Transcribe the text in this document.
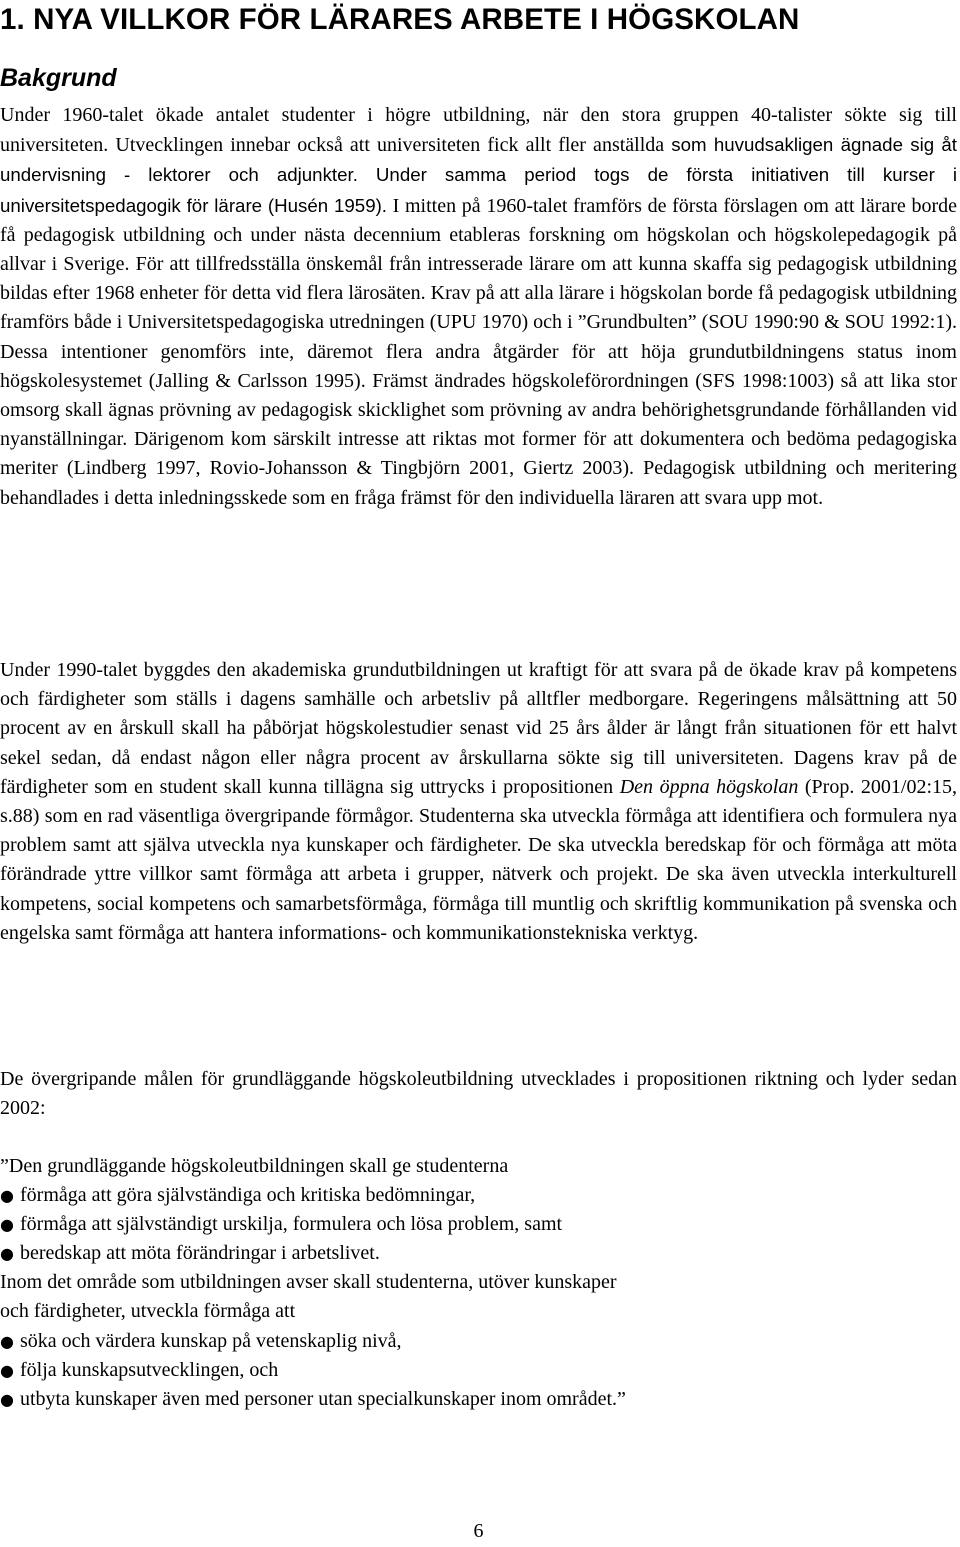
1. NYA VILLKOR FÖR LÄRARES ARBETE I HÖGSKOLAN
Bakgrund

Under 1960-talet ökade antalet studenter i högre utbildning, när den stora gruppen 40-talister sökte sig till universiteten. Utvecklingen innebar också att universiteten fick allt fler anställda som huvudsakligen ägnade sig åt undervisning - lektorer och adjunkter. Under samma period togs de första initiativen till kurser i universitetspedagogik för lärare (Husén 1959). I mitten på 1960-talet framförs de första förslagen om att lärare borde få pedagogisk utbildning och under nästa decennium etableras forskning om högskolan och högskolepedagogik på allvar i Sverige. För att tillfredsställa önskemål från intresserade lärare om att kunna skaffa sig pedagogisk utbildning bildas efter 1968 enheter för detta vid flera lärosäten. Krav på att alla lärare i högskolan borde få pedagogisk utbildning framförs både i Universitetspedagogiska utredningen (UPU 1970) och i ”Grundbulten” (SOU 1990:90 & SOU 1992:1). Dessa intentioner genomförs inte, däremot flera andra åtgärder för att höja grundutbildningens status inom högskolesystemet (Jalling & Carlsson 1995). Främst ändrades högskoleförordningen (SFS 1998:1003) så att lika stor omsorg skall ägnas prövning av pedagogisk skicklighet som prövning av andra behörighetsgrundande förhållanden vid nyanställningar. Därigenom kom särskilt intresse att riktas mot former för att dokumentera och bedöma pedagogiska meriter (Lindberg 1997, Rovio-Johansson & Tingbjörn 2001, Giertz 2003). Pedagogisk utbildning och meritering behandlades i detta inledningsskede som en fråga främst för den individuella läraren att svara upp mot.

Under 1990-talet byggdes den akademiska grundutbildningen ut kraftigt för att svara på de ökade krav på kompetens och färdigheter som ställs i dagens samhälle och arbetsliv på alltfler medborgare. Regeringens målsättning att 50 procent av en årskull skall ha påbörjat högskolestudier senast vid 25 års ålder är långt från situationen för ett halvt sekel sedan, då endast någon eller några procent av årskullarna sökte sig till universiteten. Dagens krav på de färdigheter som en student skall kunna tillägna sig uttrycks i propositionen Den öppna högskolan (Prop. 2001/02:15, s.88) som en rad väsentliga övergripande förmågor. Studenterna ska utveckla förmåga att identifiera och formulera nya problem samt att själva utveckla nya kunskaper och färdigheter. De ska utveckla beredskap för och förmåga att möta förändrade yttre villkor samt förmåga att arbeta i grupper, nätverk och projekt. De ska även utveckla interkulturell kompetens, social kompetens och samarbetsförmåga, förmåga till muntlig och skriftlig kommunikation på svenska och engelska samt förmåga att hantera informations- och kommunikationstekniska verktyg.

De övergripande målen för grundläggande högskoleutbildning utvecklades i propositionen riktning och lyder sedan 2002:

”Den grundläggande högskoleutbildningen skall ge studenterna
● förmåga att göra självständiga och kritiska bedömningar,
● förmåga att självständigt urskilja, formulera och lösa problem, samt
● beredskap att möta förändringar i arbetslivet.
Inom det område som utbildningen avser skall studenterna, utöver kunskaper
och färdigheter, utveckla förmåga att
● söka och värdera kunskap på vetenskaplig nivå,
● följa kunskapsutvecklingen, och
● utbyta kunskaper även med personer utan specialkunskaper inom området.”
6
